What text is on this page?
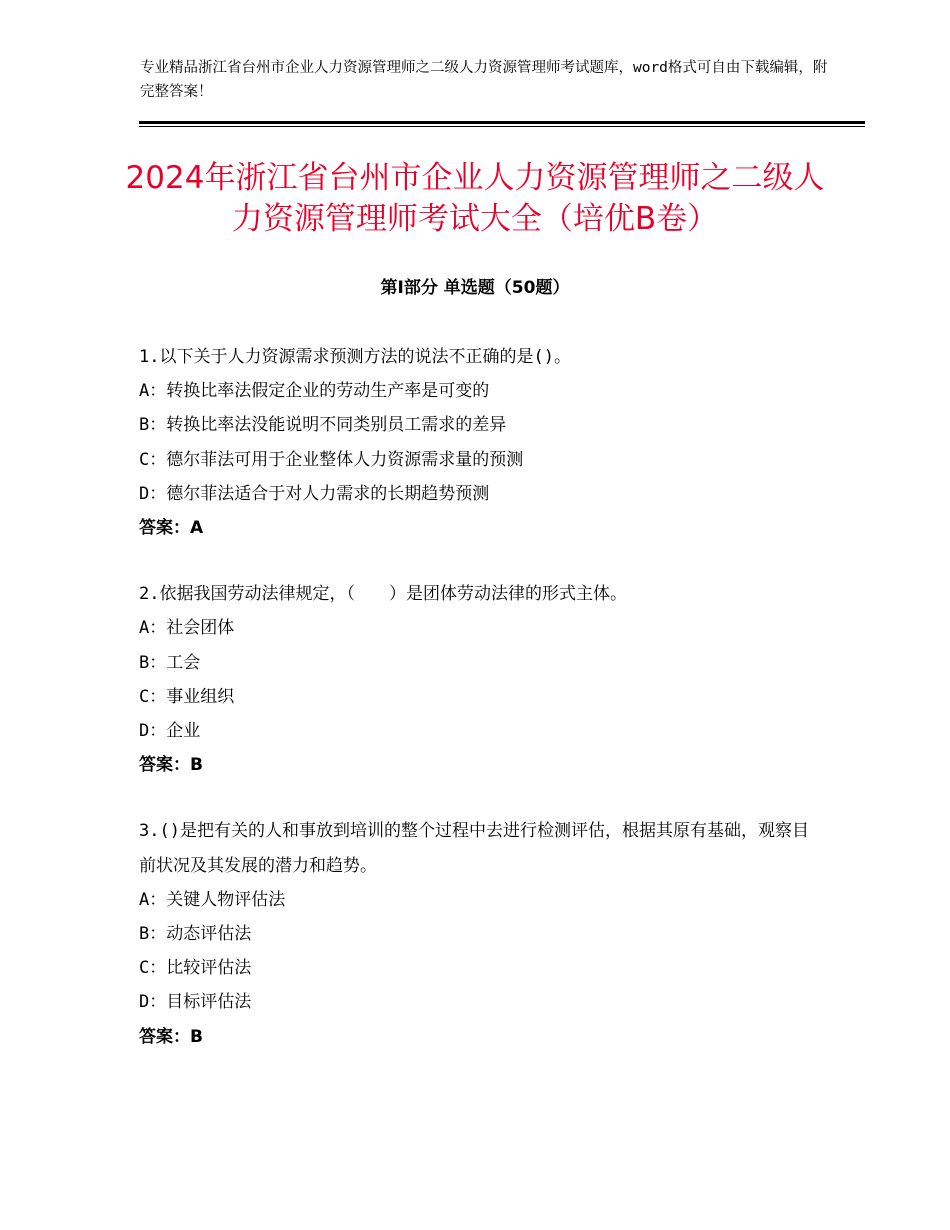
专业精品浙江省台州市企业人力资源管理师之二级人力资源管理师考试题库，word格式可自由下载编辑，附完整答案！
2024年浙江省台州市企业人力资源管理师之二级人力资源管理师考试大全（培优B卷）
第Ⅰ部分 单选题（50题）

1.以下关于人力资源需求预测方法的说法不正确的是()。

A：转换比率法假定企业的劳动生产率是可变的

B：转换比率法没能说明不同类别员工需求的差异

C：德尔菲法可用于企业整体人力资源需求量的预测

D：德尔菲法适合于对人力需求的长期趋势预测

答案：A

2.依据我国劳动法律规定，（　　）是团体劳动法律的形式主体。

A：社会团体

B：工会

C：事业组织

D：企业

答案：B

3.()是把有关的人和事放到培训的整个过程中去进行检测评估，根据其原有基础，观察目前状况及其发展的潜力和趋势。

A：关键人物评估法

B：动态评估法

C：比较评估法

D：目标评估法

答案：B
